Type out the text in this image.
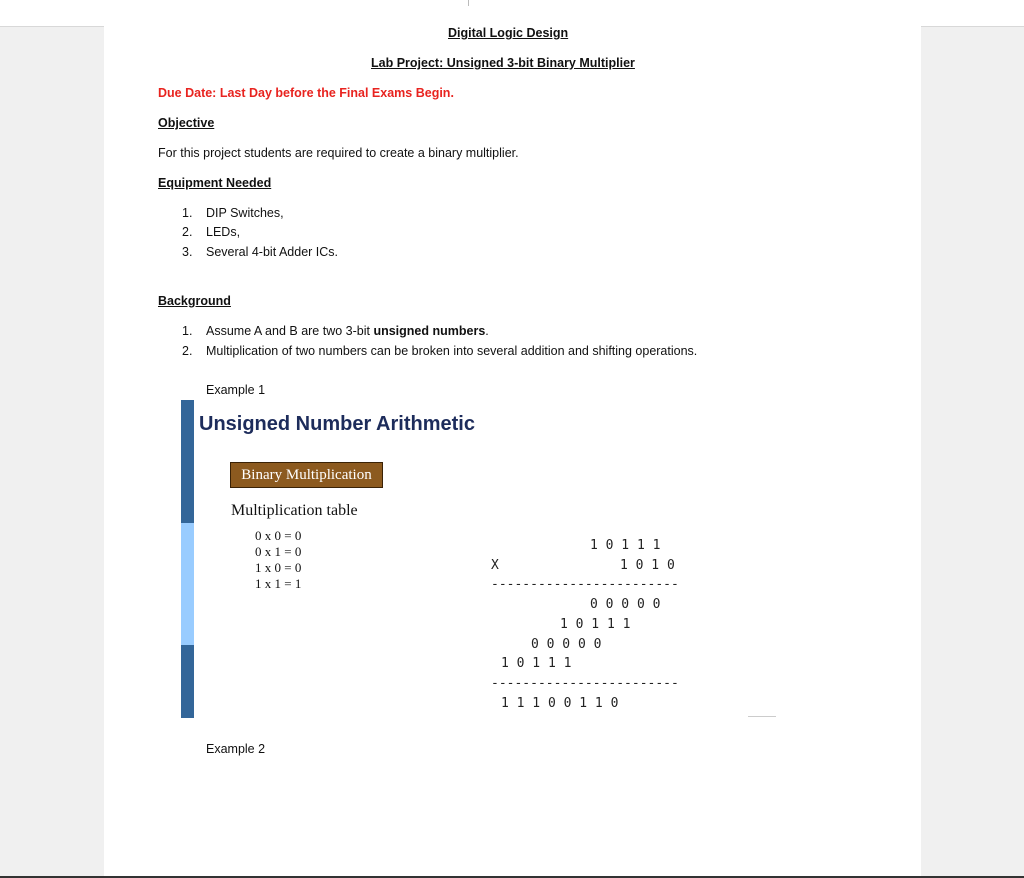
Digital Logic Design
Lab Project: Unsigned 3-bit Binary Multiplier
Due Date: Last Day before the Final Exams Begin.
Objective
For this project students are required to create a binary multiplier.
Equipment Needed
1. DIP Switches,
2. LEDs,
3. Several 4-bit Adder ICs.
Background
1. Assume A and B are two 3-bit unsigned numbers.
2. Multiplication of two numbers can be broken into several addition and shifting operations.
Example 1
Unsigned Number Arithmetic
Binary Multiplication
Multiplication table
0 x 0 = 0
0 x 1 = 0
1 x 0 = 0
1 x 1 = 1
1 0 1 1 1
X	1 0 1 0
------------------------
0 0 0 0 0
1 0 1 1 1
0 0 0 0 0
1 0 1 1 1
------------------------
1 1 1 0 0 1 1 0
Example 2
